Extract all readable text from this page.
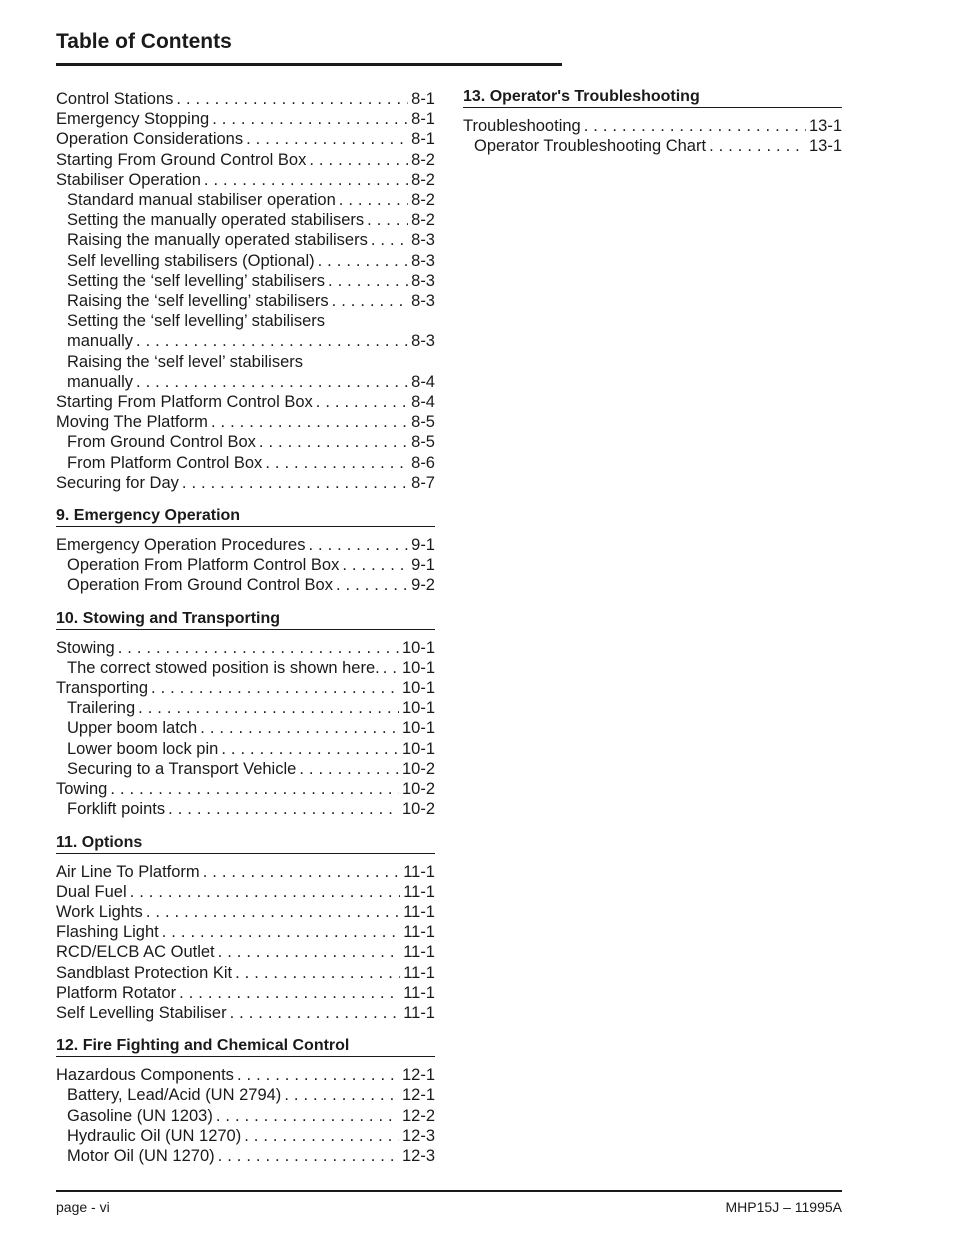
Table of Contents
Control Stations . . .	8-1
Emergency Stopping . . .	8-1
Operation Considerations . . .	8-1
Starting From Ground Control Box . . .	8-2
Stabiliser Operation . . .	8-2
Standard manual stabiliser operation . . .	8-2
Setting the manually operated stabilisers . . .	8-2
Raising the manually operated stabilisers . . .	8-3
Self levelling stabilisers (Optional) . . .	8-3
Setting the ‘self levelling’ stabilisers . . .	8-3
Raising the ‘self levelling’ stabilisers . . .	8-3
Setting the ‘self levelling’ stabilisers
manually . . .	8-3
Raising the ‘self level’ stabilisers
manually . . .	8-4
Starting From Platform Control Box . . .	8-4
Moving The Platform . . .	8-5
From Ground Control Box . . .	8-5
From Platform Control Box . . .	8-6
Securing for Day . . .	8-7
9. Emergency Operation
Emergency Operation Procedures . . .	9-1
Operation From Platform Control Box . . .	9-1
Operation From Ground Control Box . . .	9-2
10. Stowing and Transporting
Stowing . . .	10-1
The correct stowed position is shown here. . . . 10-1
Transporting . . .	10-1
Trailering . . .	10-1
Upper boom latch . . .	10-1
Lower boom lock pin . . .	10-1
Securing to a Transport Vehicle . . .	10-2
Towing . . .	10-2
Forklift points . . .	10-2
11. Options
Air Line To Platform . . .	11-1
Dual Fuel . . .	11-1
Work Lights . . .	11-1
Flashing Light . . .	11-1
RCD/ELCB AC Outlet . . .	11-1
Sandblast Protection Kit . . .	11-1
Platform Rotator . . .	11-1
Self Levelling Stabiliser . . .	11-1
12. Fire Fighting and Chemical Control
Hazardous Components . . .	12-1
Battery, Lead/Acid (UN 2794) . . .	12-1
Gasoline (UN 1203) . . .	12-2
Hydraulic Oil (UN 1270) . . .	12-3
Motor Oil (UN 1270) . . .	12-3
13. Operator's Troubleshooting
Troubleshooting . . .	13-1
Operator Troubleshooting Chart . . .	13-1
page - vi	MHP15J – 11995A
